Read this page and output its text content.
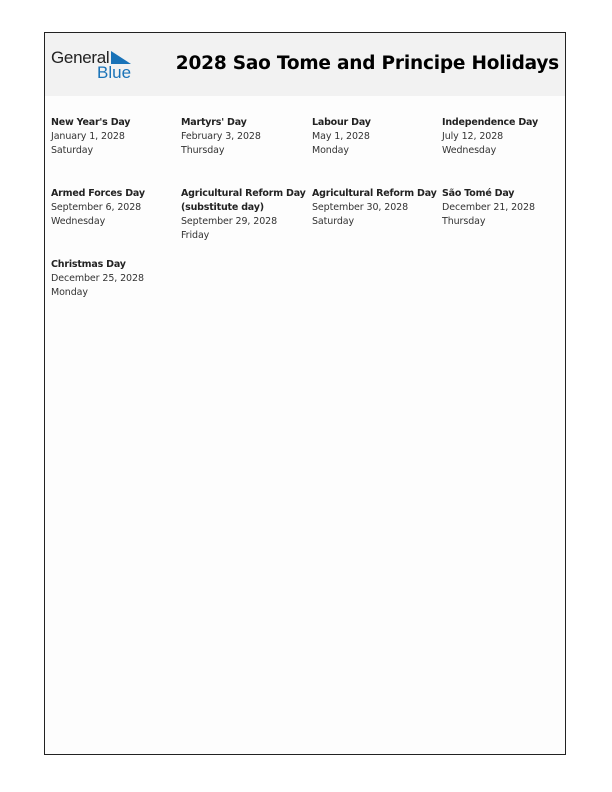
General
Blue 2028 Sao Tome and Principe Holidays
New Year's Day
January 1, 2028
Saturday
Martyrs' Day
February 3, 2028
Thursday
Labour Day
May 1, 2028
Monday
Independence Day
July 12, 2028
Wednesday
Armed Forces Day
September 6, 2028
Wednesday
Agricultural Reform Day
(substitute day)
September 29, 2028
Friday
Agricultural Reform Day
September 30, 2028
Saturday
São Tomé Day
December 21, 2028
Thursday
Christmas Day
December 25, 2028
Monday
